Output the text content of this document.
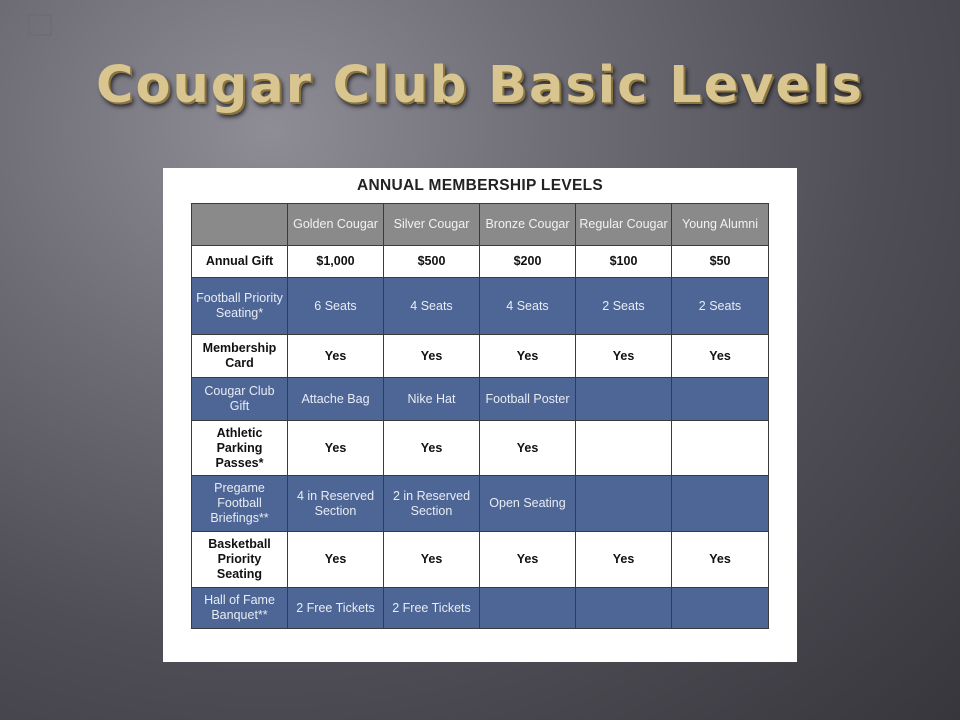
Cougar Club Basic Levels
ANNUAL MEMBERSHIP LEVELS
	Golden Cougar	Silver Cougar	Bronze Cougar	Regular Cougar	Young Alumni
Annual Gift	$1,000	$500	$200	$100	$50
Football Priority Seating*	6 Seats	4 Seats	4 Seats	2 Seats	2 Seats
Membership Card	Yes	Yes	Yes	Yes	Yes
Cougar Club Gift	Attache Bag	Nike Hat	Football Poster		
Athletic Parking Passes*	Yes	Yes	Yes		
Pregame Football Briefings**	4 in Reserved Section	2 in Reserved Section	Open Seating		
Basketball Priority Seating	Yes	Yes	Yes	Yes	Yes
Hall of Fame Banquet**	2 Free Tickets	2 Free Tickets			
